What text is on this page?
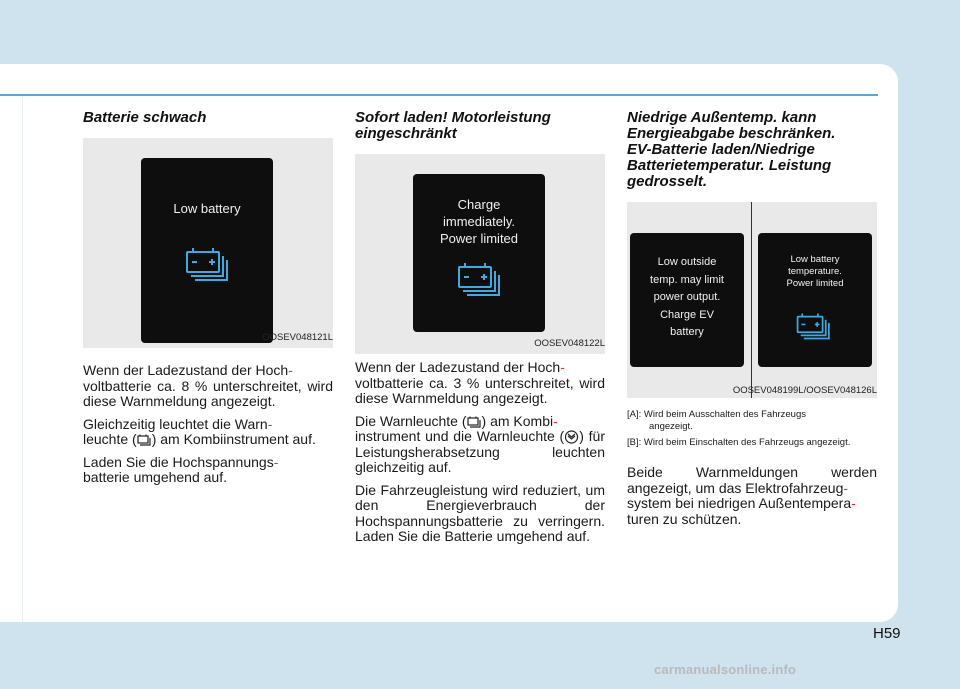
Batterie schwach
Low battery
OOSEV048121L

Wenn der Ladezustand der Hoch-
voltbatterie ca. 8 % unterschreitet, wird diese Warnmeldung angezeigt.

Gleichzeitig leuchtet die Warn-
leuchte ( ) am Kombiinstrument auf.

Laden Sie die Hochspannungs-
batterie umgehend auf.

Sofort laden! Motorleistung
eingeschränkt
Charge
immediately.
Power limited
OOSEV048122L

Wenn der Ladezustand der Hoch-
voltbatterie ca. 3 % unterschreitet, wird diese Warnmeldung angezeigt.

Die Warnleuchte ( ) am Kombi-
instrument und die Warnleuchte ( ) für Leistungsherabsetzung leuchten gleichzeitig auf.

Die Fahrzeugleistung wird reduziert, um den Energieverbrauch der Hochspannungsbatterie zu verringern. Laden Sie die Batterie umgehend auf.

Niedrige Außentemp. kann
Energieabgabe beschränken.
EV-Batterie laden/Niedrige
Batterietemperatur. Leistung
gedrosselt.
Low outside
temp. may limit
power output.
Charge EV
battery
Low battery
temperature.
Power limited
OOSEV048199L/OOSEV048126L

[A]: Wird beim Ausschalten des Fahrzeugs
angezeigt.

[B]: Wird beim Einschalten des Fahrzeugs angezeigt.

Beide Warnmeldungen werden angezeigt, um das Elektrofahrzeug-
system bei niedrigen Außentempera-
turen zu schützen.

H59
carmanualsonline.info
